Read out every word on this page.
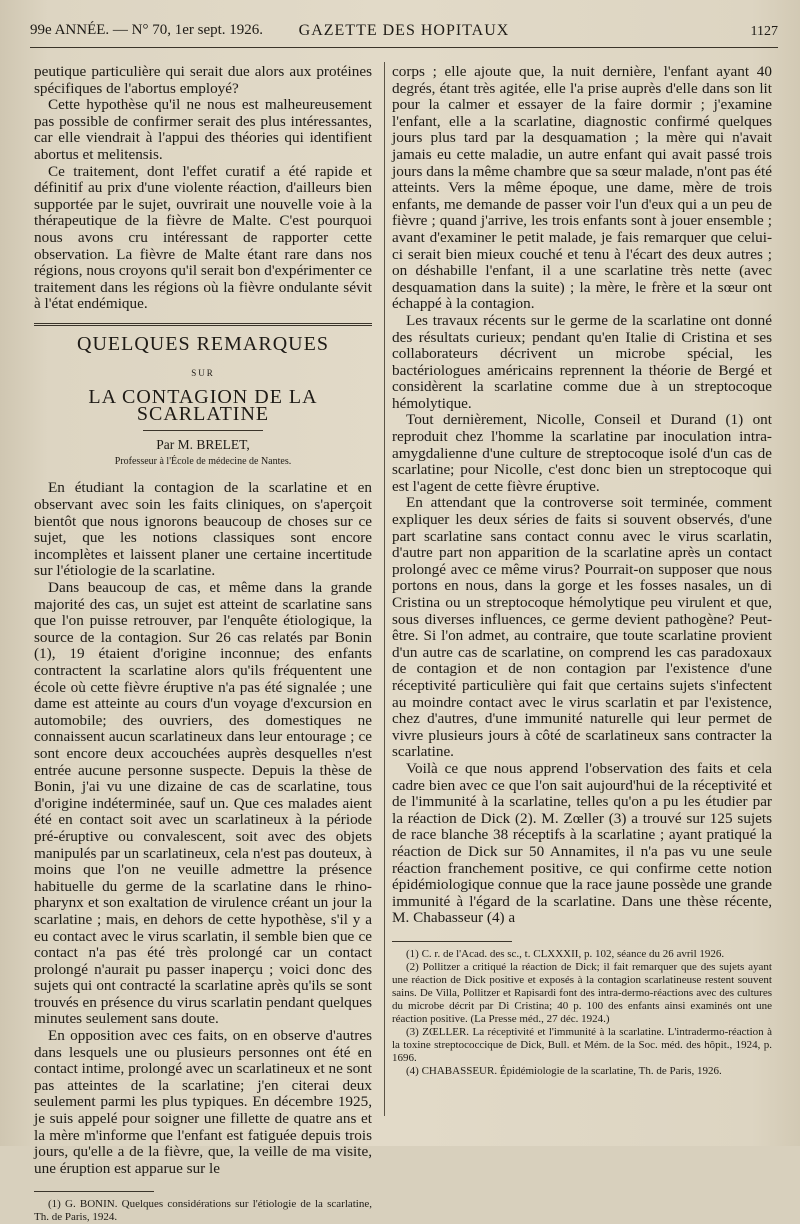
99e ANNÉE. — N° 70, 1er sept. 1926.	GAZETTE DES HOPITAUX	1127

peutique particulière qui serait due alors aux protéines spécifiques de l'abortus employé?

Cette hypothèse qu'il ne nous est malheureusement pas possible de confirmer serait des plus intéressantes, car elle viendrait à l'appui des théories qui identifient abortus et melitensis.

Ce traitement, dont l'effet curatif a été rapide et définitif au prix d'une violente réaction, d'ailleurs bien supportée par le sujet, ouvrirait une nouvelle voie à la thérapeutique de la fièvre de Malte. C'est pourquoi nous avons cru intéressant de rapporter cette observation. La fièvre de Malte étant rare dans nos régions, nous croyons qu'il serait bon d'expérimenter ce traitement dans les régions où la fièvre ondulante sévit à l'état endémique.

QUELQUES REMARQUES
SUR
LA CONTAGION DE LA SCARLATINE
Par M. BRELET,
Professeur à l'École de médecine de Nantes.

En étudiant la contagion de la scarlatine et en observant avec soin les faits cliniques, on s'aperçoit bientôt que nous ignorons beaucoup de choses sur ce sujet, que les notions classiques sont encore incomplètes et laissent planer une certaine incertitude sur l'étiologie de la scarlatine.

Dans beaucoup de cas, et même dans la grande majorité des cas, un sujet est atteint de scarlatine sans que l'on puisse retrouver, par l'enquête étiologique, la source de la contagion. Sur 26 cas relatés par Bonin (1), 19 étaient d'origine inconnue; des enfants contractent la scarlatine alors qu'ils fréquentent une école où cette fièvre éruptive n'a pas été signalée ; une dame est atteinte au cours d'un voyage d'excursion en automobile; des ouvriers, des domestiques ne connaissent aucun scarlatineux dans leur entourage ; ce sont encore deux accouchées auprès desquelles n'est entrée aucune personne suspecte. Depuis la thèse de Bonin, j'ai vu une dizaine de cas de scarlatine, tous d'origine indéterminée, sauf un. Que ces malades aient été en contact soit avec un scarlatineux à la période pré-éruptive ou convalescent, soit avec des objets manipulés par un scarlatineux, cela n'est pas douteux, à moins que l'on ne veuille admettre la présence habituelle du germe de la scarlatine dans le rhino-pharynx et son exaltation de virulence créant un jour la scarlatine ; mais, en dehors de cette hypothèse, s'il y a eu contact avec le virus scarlatin, il semble bien que ce contact n'a pas été très prolongé car un contact prolongé n'aurait pu passer inaperçu ; voici donc des sujets qui ont contracté la scarlatine après qu'ils se sont trouvés en présence du virus scarlatin pendant quelques minutes seulement sans doute.

En opposition avec ces faits, on en observe d'autres dans lesquels une ou plusieurs personnes ont été en contact intime, prolongé avec un scarlatineux et ne sont pas atteintes de la scarlatine; j'en citerai deux seulement parmi les plus typiques. En décembre 1925, je suis appelé pour soigner une fillette de quatre ans et la mère m'informe que l'enfant est fatiguée depuis trois jours, qu'elle a de la fièvre, que, la veille de ma visite, une éruption est apparue sur le

(1) G. BONIN. Quelques considérations sur l'étiologie de la scarlatine, Th. de Paris, 1924.

corps ; elle ajoute que, la nuit dernière, l'enfant ayant 40 degrés, étant très agitée, elle l'a prise auprès d'elle dans son lit pour la calmer et essayer de la faire dormir ; j'examine l'enfant, elle a la scarlatine, diagnostic confirmé quelques jours plus tard par la desquamation ; la mère qui n'avait jamais eu cette maladie, un autre enfant qui avait passé trois jours dans la même chambre que sa sœur malade, n'ont pas été atteints. Vers la même époque, une dame, mère de trois enfants, me demande de passer voir l'un d'eux qui a un peu de fièvre ; quand j'arrive, les trois enfants sont à jouer ensemble ; avant d'examiner le petit malade, je fais remarquer que celui-ci serait bien mieux couché et tenu à l'écart des deux autres ; on déshabille l'enfant, il a une scarlatine très nette (avec desquamation dans la suite) ; la mère, le frère et la sœur ont échappé à la contagion.

Les travaux récents sur le germe de la scarlatine ont donné des résultats curieux; pendant qu'en Italie di Cristina et ses collaborateurs décrivent un microbe spécial, les bactériologues américains reprennent la théorie de Bergé et considèrent la scarlatine comme due à un streptocoque hémolytique.

Tout dernièrement, Nicolle, Conseil et Durand (1) ont reproduit chez l'homme la scarlatine par inoculation intra-amygdalienne d'une culture de streptocoque isolé d'un cas de scarlatine; pour Nicolle, c'est donc bien un streptocoque qui est l'agent de cette fièvre éruptive.

En attendant que la controverse soit terminée, comment expliquer les deux séries de faits si souvent observés, d'une part scarlatine sans contact connu avec le virus scarlatin, d'autre part non apparition de la scarlatine après un contact prolongé avec ce même virus? Pourrait-on supposer que nous portons en nous, dans la gorge et les fosses nasales, un di Cristina ou un streptocoque hémolytique peu virulent et que, sous diverses influences, ce germe devient pathogène? Peut-être. Si l'on admet, au contraire, que toute scarlatine provient d'un autre cas de scarlatine, on comprend les cas paradoxaux de contagion et de non contagion par l'existence d'une réceptivité particulière qui fait que certains sujets s'infectent au moindre contact avec le virus scarlatin et par l'existence, chez d'autres, d'une immunité naturelle qui leur permet de vivre plusieurs jours à côté de scarlatineux sans contracter la scarlatine.

Voilà ce que nous apprend l'observation des faits et cela cadre bien avec ce que l'on sait aujourd'hui de la réceptivité et de l'immunité à la scarlatine, telles qu'on a pu les étudier par la réaction de Dick (2). M. Zœller (3) a trouvé sur 125 sujets de race blanche 38 réceptifs à la scarlatine ; ayant pratiqué la réaction de Dick sur 50 Annamites, il n'a pas vu une seule réaction franchement positive, ce qui confirme cette notion épidémiologique connue que la race jaune possède une grande immunité à l'égard de la scarlatine. Dans une thèse récente, M. Chabasseur (4) a

(1) C. r. de l'Acad. des sc., t. CLXXXII, p. 102, séance du 26 avril 1926.

(2) Pollitzer a critiqué la réaction de Dick; il fait remarquer que des sujets ayant une réaction de Dick positive et exposés à la contagion scarlatineuse restent souvent sains. De Villa, Pollitzer et Rapisardi font des intra-dermo-réactions avec des cultures du microbe décrit par Di Cristina; 40 p. 100 des enfants ainsi examinés ont une réaction positive. (La Presse méd., 27 déc. 1924.)

(3) ZŒLLER. La réceptivité et l'immunité à la scarlatine. L'intradermo-réaction à la toxine streptococcique de Dick, Bull. et Mém. de la Soc. méd. des hôpit., 1924, p. 1696.

(4) CHABASSEUR. Épidémiologie de la scarlatine, Th. de Paris, 1926.
